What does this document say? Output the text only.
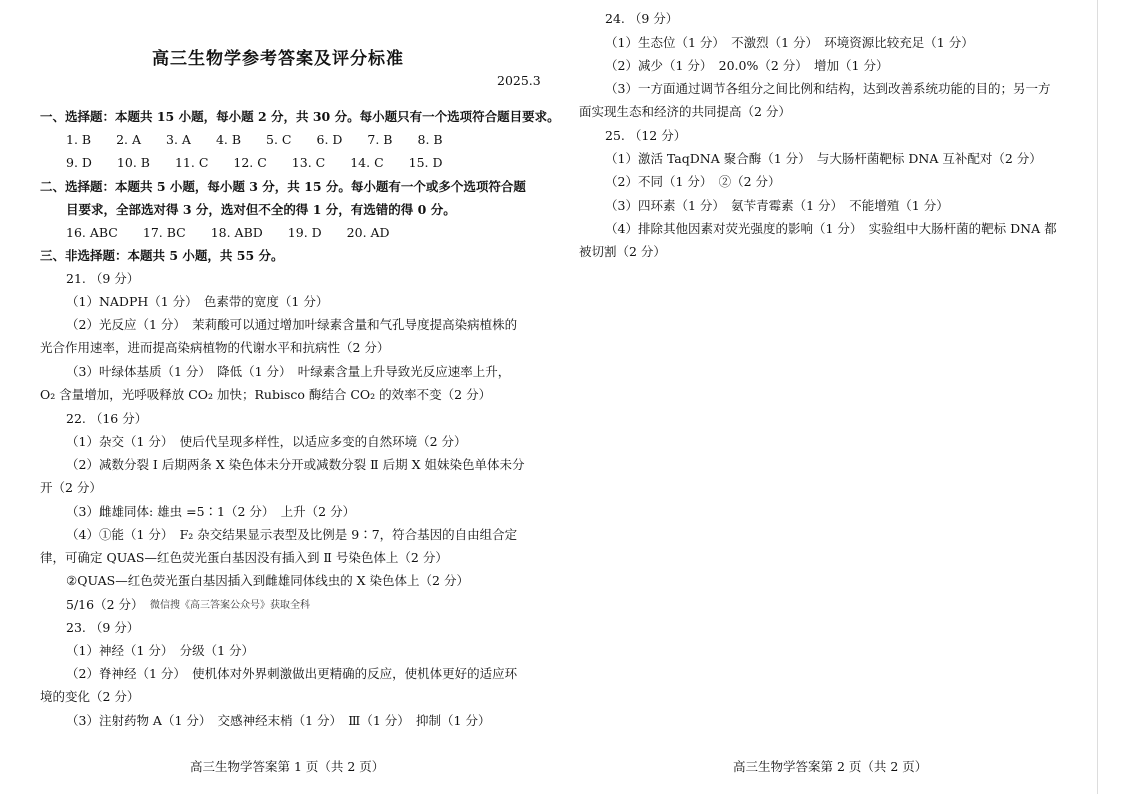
高三生物学参考答案及评分标准
2025.3
一、选择题：本题共 15 小题，每小题 2 分，共 30 分。每小题只有一个选项符合题目要求。
1. B　　2. A　　3. A　　4. B　　5. C　　6. D　　7. B　　8. B
9. D　　10. B　　11. C　　12. C　　13. C　　14. C　　15. D
二、选择题：本题共 5 小题，每小题 3 分，共 15 分。每小题有一个或多个选项符合题
目要求，全部选对得 3 分，选对但不全的得 1 分，有选错的得 0 分。
16. ABC　　17. BC　　18. ABD　　19. D　　20. AD
三、非选择题：本题共 5 小题，共 55 分。
21. （9 分）
（1）NADPH（1 分）　色素带的宽度（1 分）
（2）光反应（1 分）　茉莉酸可以通过增加叶绿素含量和气孔导度提高染病植株的
光合作用速率，进而提高染病植物的代谢水平和抗病性（2 分）
（3）叶绿体基质（1 分）　降低（1 分）　叶绿素含量上升导致光反应速率上升，
O₂ 含量增加，光呼吸释放 CO₂ 加快；Rubisco 酶结合 CO₂ 的效率不变（2 分）
22. （16 分）
（1）杂交（1 分）　使后代呈现多样性，以适应多变的自然环境（2 分）
（2）减数分裂 Ⅰ 后期两条 X 染色体未分开或减数分裂 Ⅱ 后期 X 姐妹染色单体未分
开（2 分）
（3）雌雄同体: 雄虫 =5∶1（2 分）　上升（2 分）
（4）①能（1 分）　F₂ 杂交结果显示表型及比例是 9∶7，符合基因的自由组合定
律，可确定 QUAS—红色荧光蛋白基因没有插入到 Ⅱ 号染色体上（2 分）
②QUAS—红色荧光蛋白基因插入到雌雄同体线虫的 X 染色体上（2 分）
5/16（2 分） 微信搜《高三答案公众号》获取全科
23. （9 分）
（1）神经（1 分）　分级（1 分）
（2）脊神经（1 分）　使机体对外界刺激做出更精确的反应，使机体更好的适应环
境的变化（2 分）
（3）注射药物 A（1 分）　交感神经末梢（1 分）　Ⅲ（1 分）　抑制（1 分）
高三生物学答案第 1 页（共 2 页）
24. （9 分）
（1）生态位（1 分）　不激烈（1 分）　环境资源比较充足（1 分）
（2）减少（1 分）　20.0%（2 分）　增加（1 分）
（3）一方面通过调节各组分之间比例和结构，达到改善系统功能的目的；另一方
面实现生态和经济的共同提高（2 分）
25. （12 分）
（1）激活 TaqDNA 聚合酶（1 分）　与大肠杆菌靶标 DNA 互补配对（2 分）
（2）不同（1 分）　②（2 分）
（3）四环素（1 分）　氨苄青霉素（1 分）　不能增殖（1 分）
（4）排除其他因素对荧光强度的影响（1 分）　实验组中大肠杆菌的靶标 DNA 都
被切割（2 分）
高三生物学答案第 2 页（共 2 页）
